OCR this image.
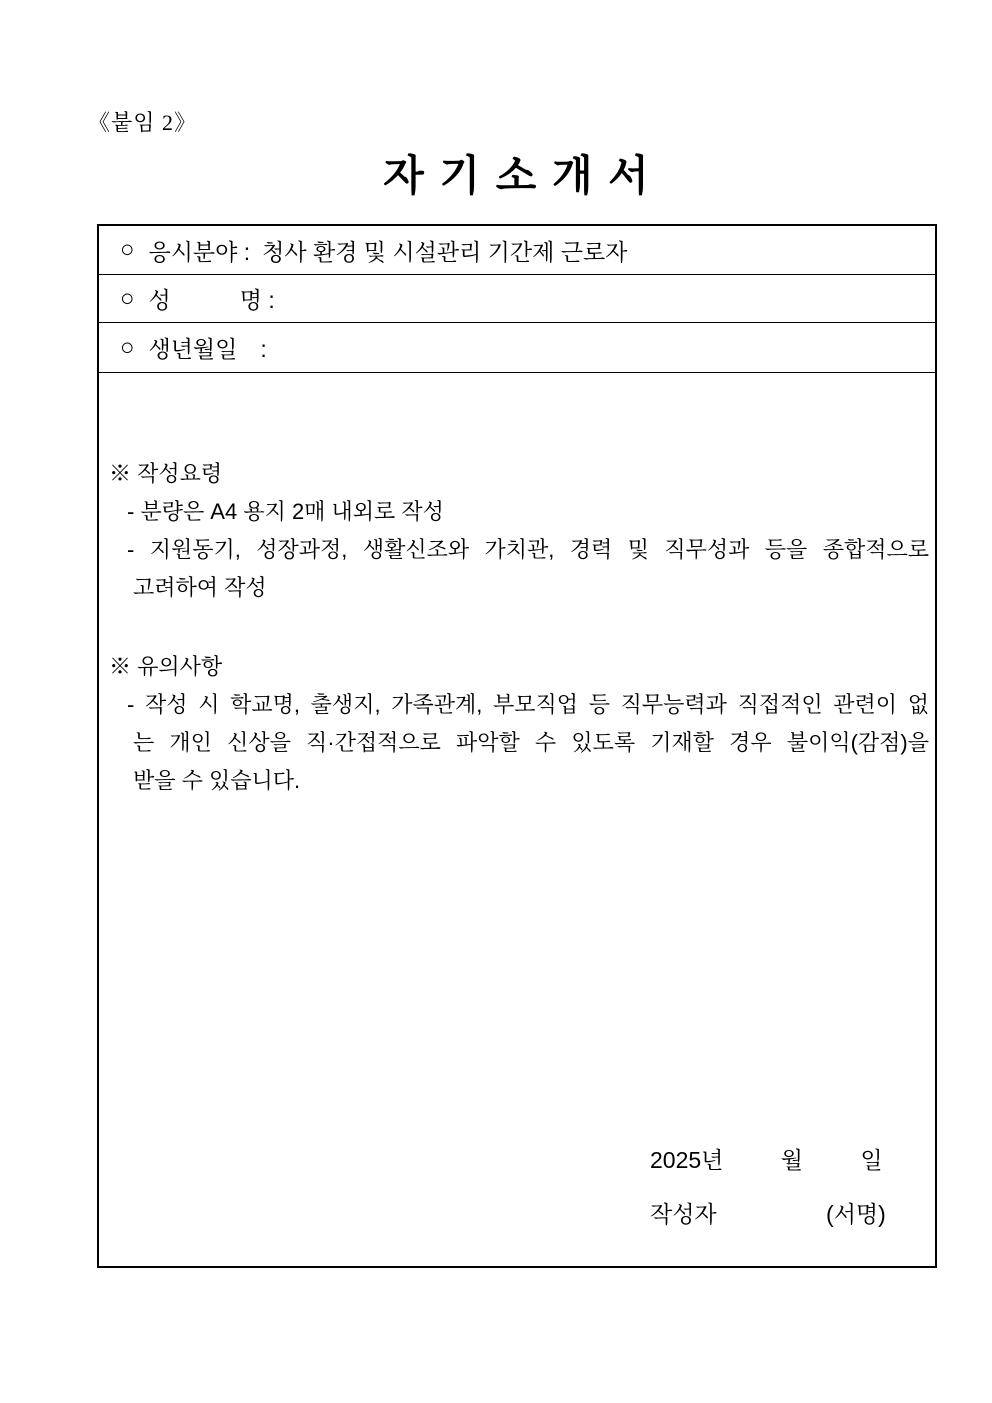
《붙임 2》
자 기 소 개 서
○ 응시분야 : 청사 환경 및 시설관리 기간제 근로자
○ 성　　　명 :
○ 생년월일　:
※ 작성요령
- 분량은 A4 용지 2매 내외로 작성
- 지원동기, 성장과정, 생활신조와 가치관, 경력 및 직무성과 등을 종합적으로
고려하여 작성
※ 유의사항
- 작성 시 학교명, 출생지, 가족관계, 부모직업 등 직무능력과 직접적인 관련이 없
는 개인 신상을 직·간접적으로 파악할 수 있도록 기재할 경우 불이익(감점)을
받을 수 있습니다.
2025년 월 일
작성자	(서명)
